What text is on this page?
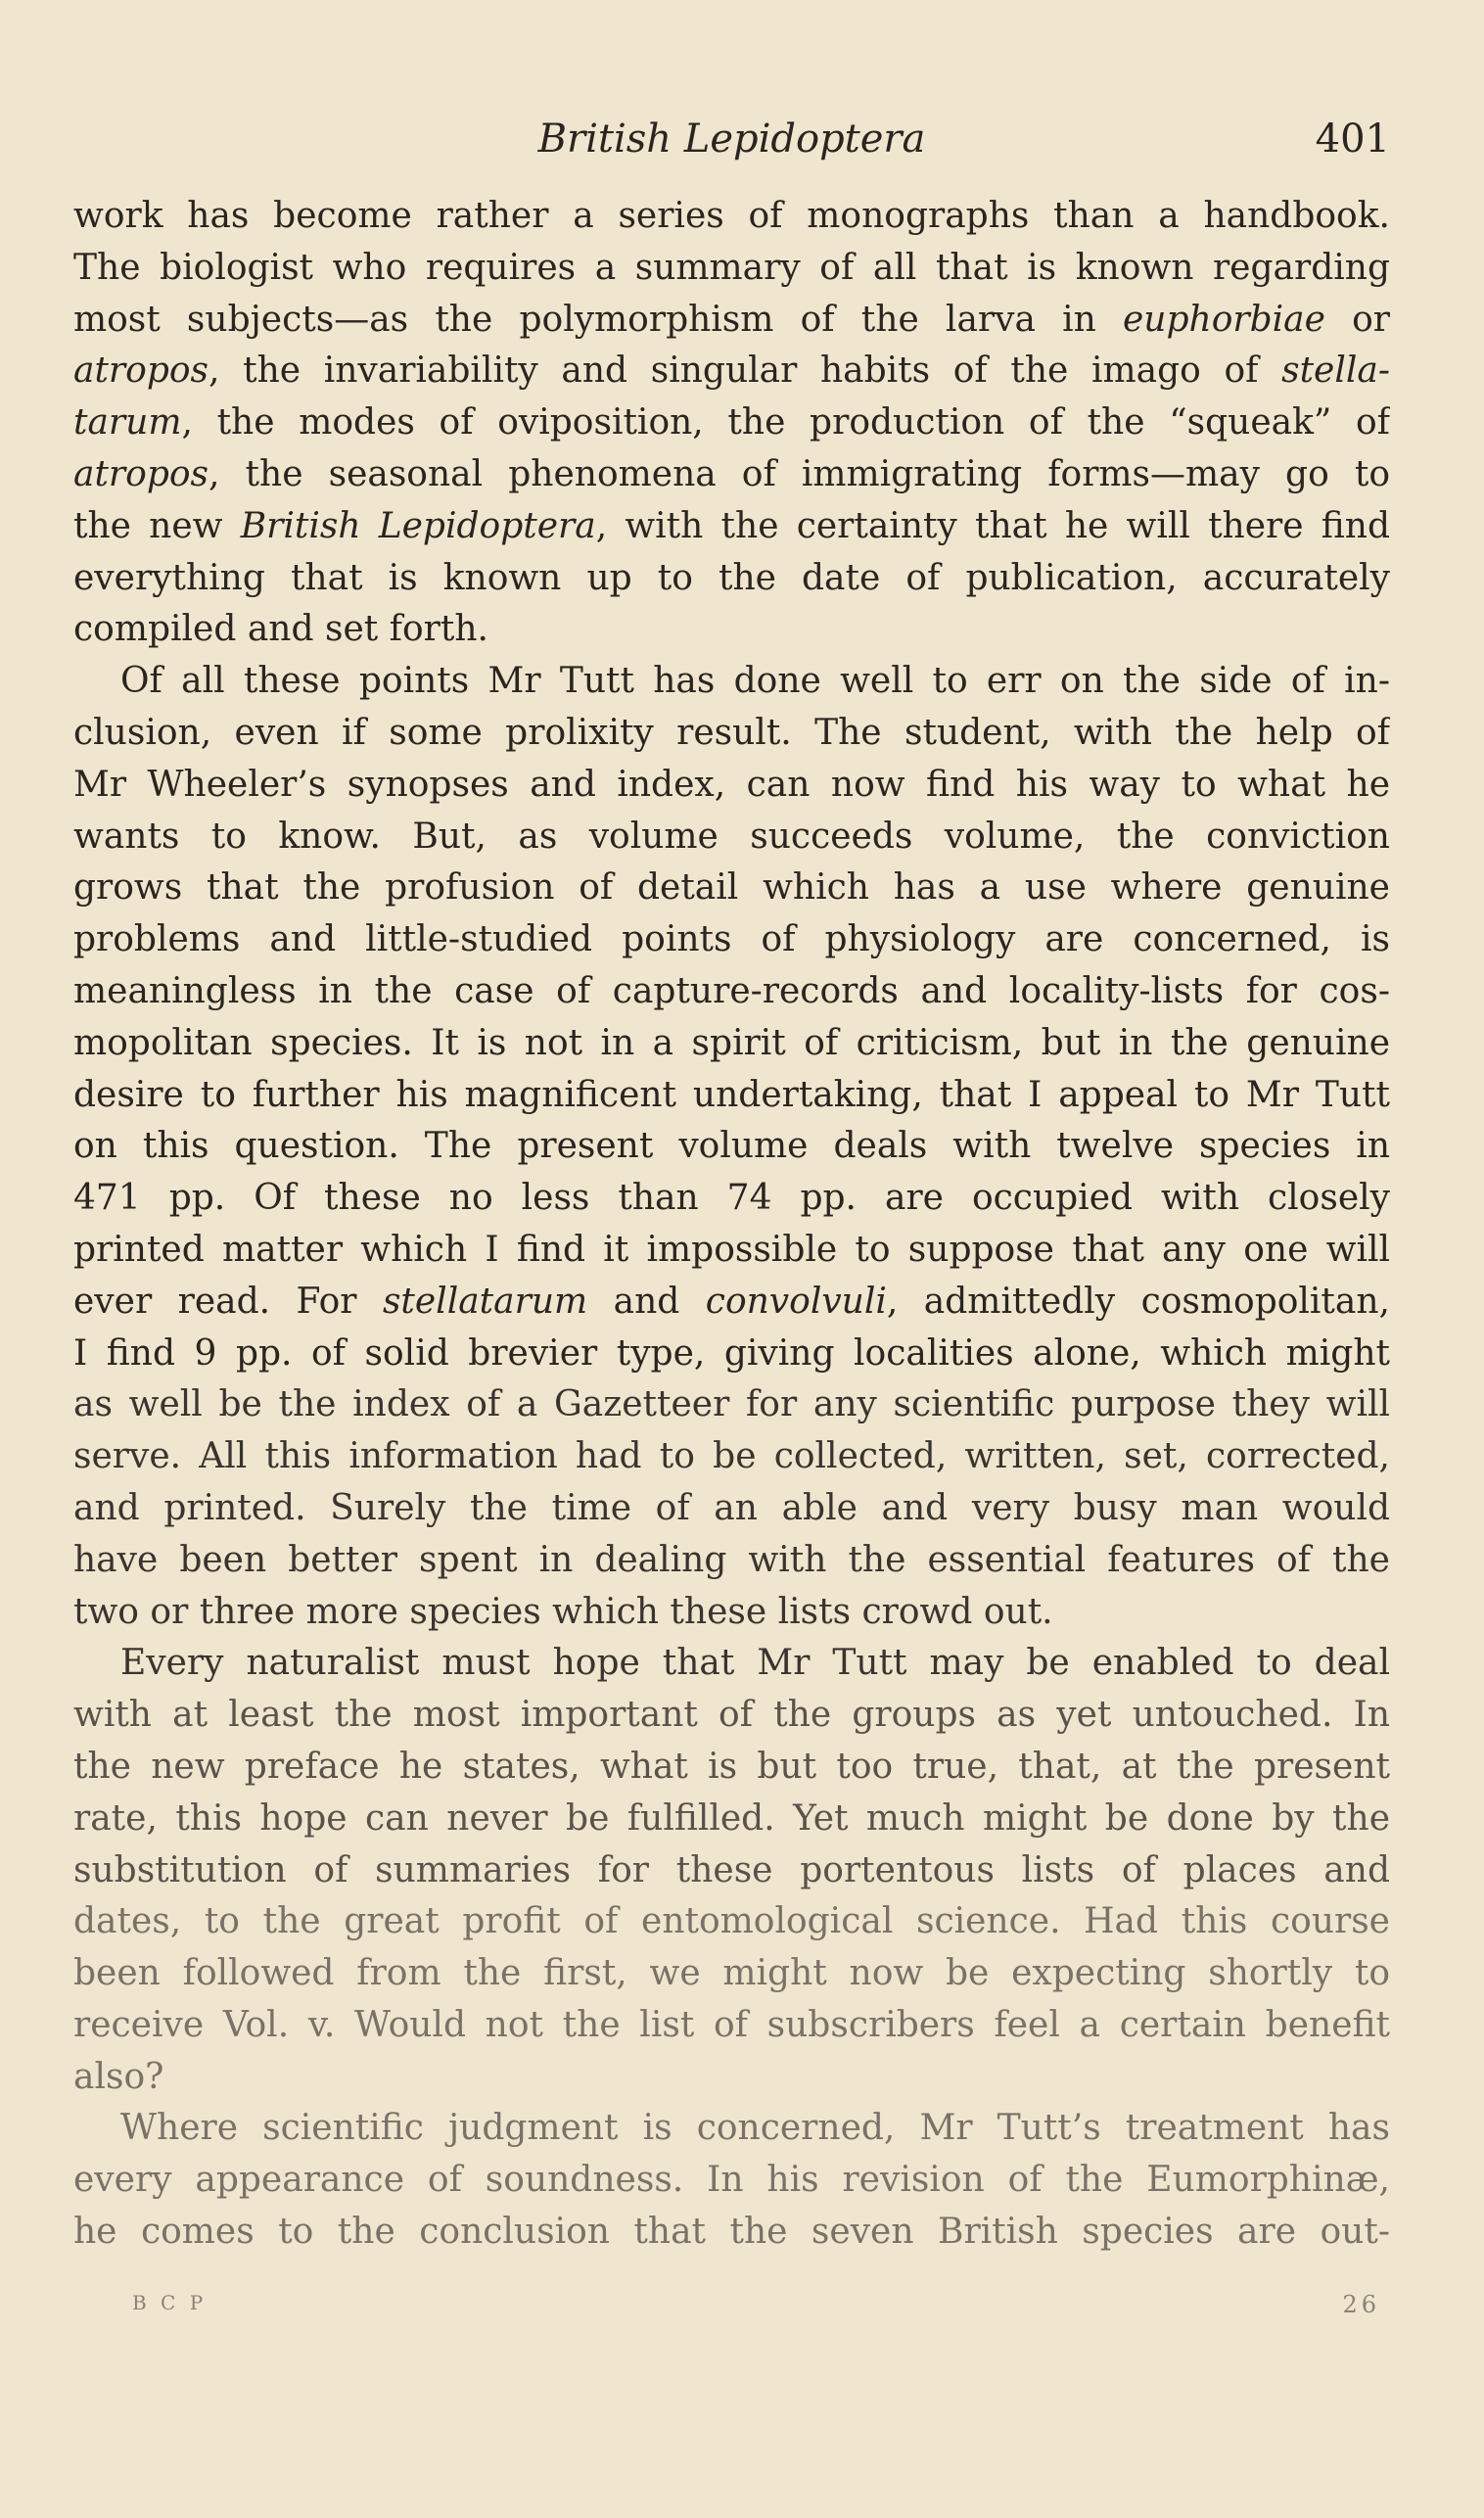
British Lepidoptera	401
work has become rather a series of monographs than a handbook.
The biologist who requires a summary of all that is known regarding
most subjects—as the polymorphism of the larva in euphorbiae or
atropos, the invariability and singular habits of the imago of stella-
tarum, the modes of oviposition, the production of the “squeak” of
atropos, the seasonal phenomena of immigrating forms—may go to
the new British Lepidoptera, with the certainty that he will there find
everything that is known up to the date of publication, accurately
compiled and set forth.
Of all these points Mr Tutt has done well to err on the side of in-
clusion, even if some prolixity result. The student, with the help of
Mr Wheeler’s synopses and index, can now find his way to what he
wants to know. But, as volume succeeds volume, the conviction
grows that the profusion of detail which has a use where genuine
problems and little-studied points of physiology are concerned, is
meaningless in the case of capture-records and locality-lists for cos-
mopolitan species. It is not in a spirit of criticism, but in the genuine
desire to further his magnificent undertaking, that I appeal to Mr Tutt
on this question. The present volume deals with twelve species in
471 pp. Of these no less than 74 pp. are occupied with closely
printed matter which I find it impossible to suppose that any one will
ever read. For stellatarum and convolvuli, admittedly cosmopolitan,
I find 9 pp. of solid brevier type, giving localities alone, which might
as well be the index of a Gazetteer for any scientific purpose they will
serve. All this information had to be collected, written, set, corrected,
and printed. Surely the time of an able and very busy man would
have been better spent in dealing with the essential features of the
two or three more species which these lists crowd out.
Every naturalist must hope that Mr Tutt may be enabled to deal
with at least the most important of the groups as yet untouched. In
the new preface he states, what is but too true, that, at the present
rate, this hope can never be fulfilled. Yet much might be done by the
substitution of summaries for these portentous lists of places and
dates, to the great profit of entomological science. Had this course
been followed from the first, we might now be expecting shortly to
receive Vol. v. Would not the list of subscribers feel a certain benefit
also?
Where scientific judgment is concerned, Mr Tutt’s treatment has
every appearance of soundness. In his revision of the Eumorphinæ,
he comes to the conclusion that the seven British species are out-
B C P	26
